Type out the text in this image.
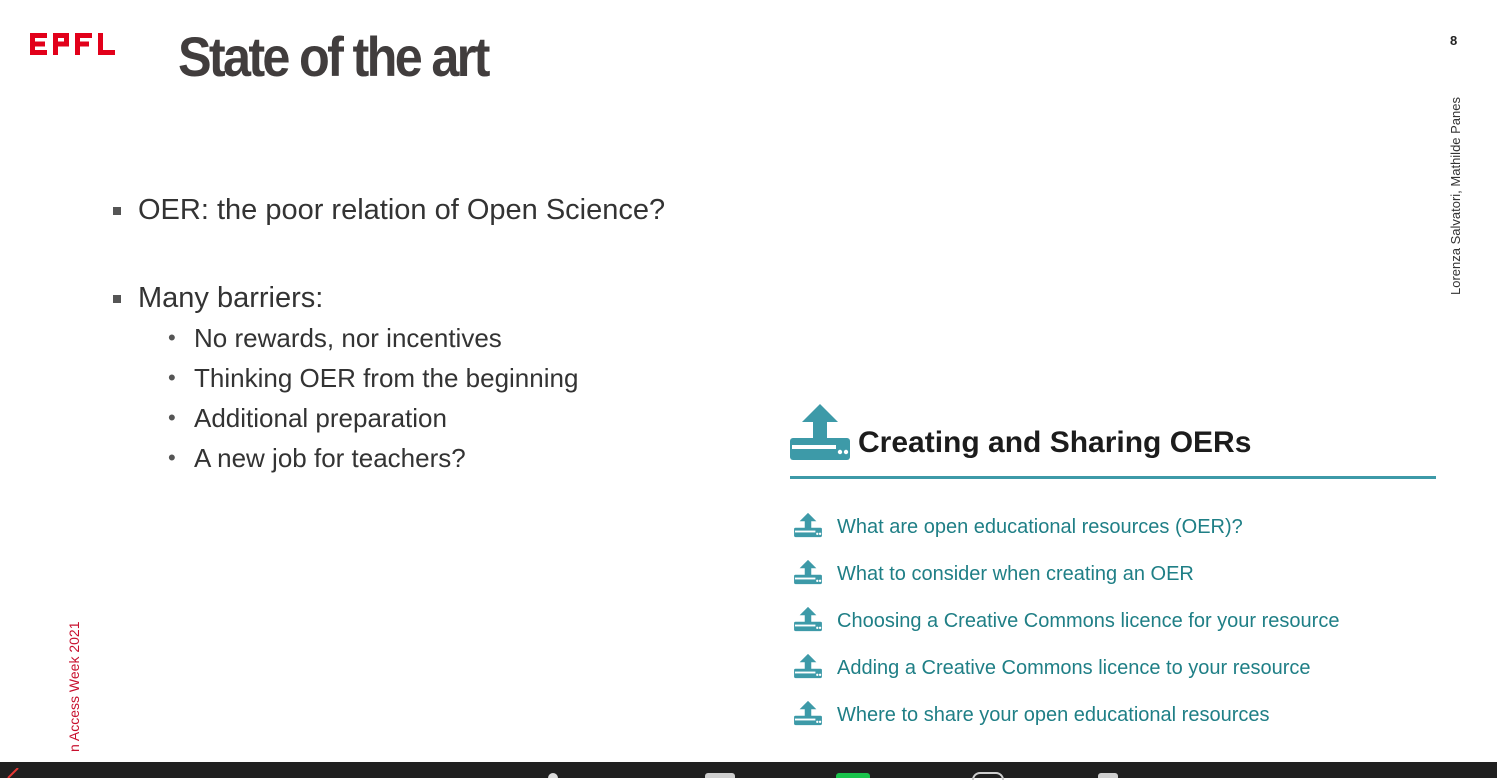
State of the art	8
Lorenza Salvatori, Mathilde Panes
n Access Week 2021
OER: the poor relation of Open Science?
Many barriers:
• No rewards, nor incentives
• Thinking OER from the beginning
• Additional preparation
• A new job for teachers?	Creating and Sharing OERs
What are open educational resources (OER)?
What to consider when creating an OER
Choosing a Creative Commons licence for your resource
Adding a Creative Commons licence to your resource
Where to share your open educational resources
